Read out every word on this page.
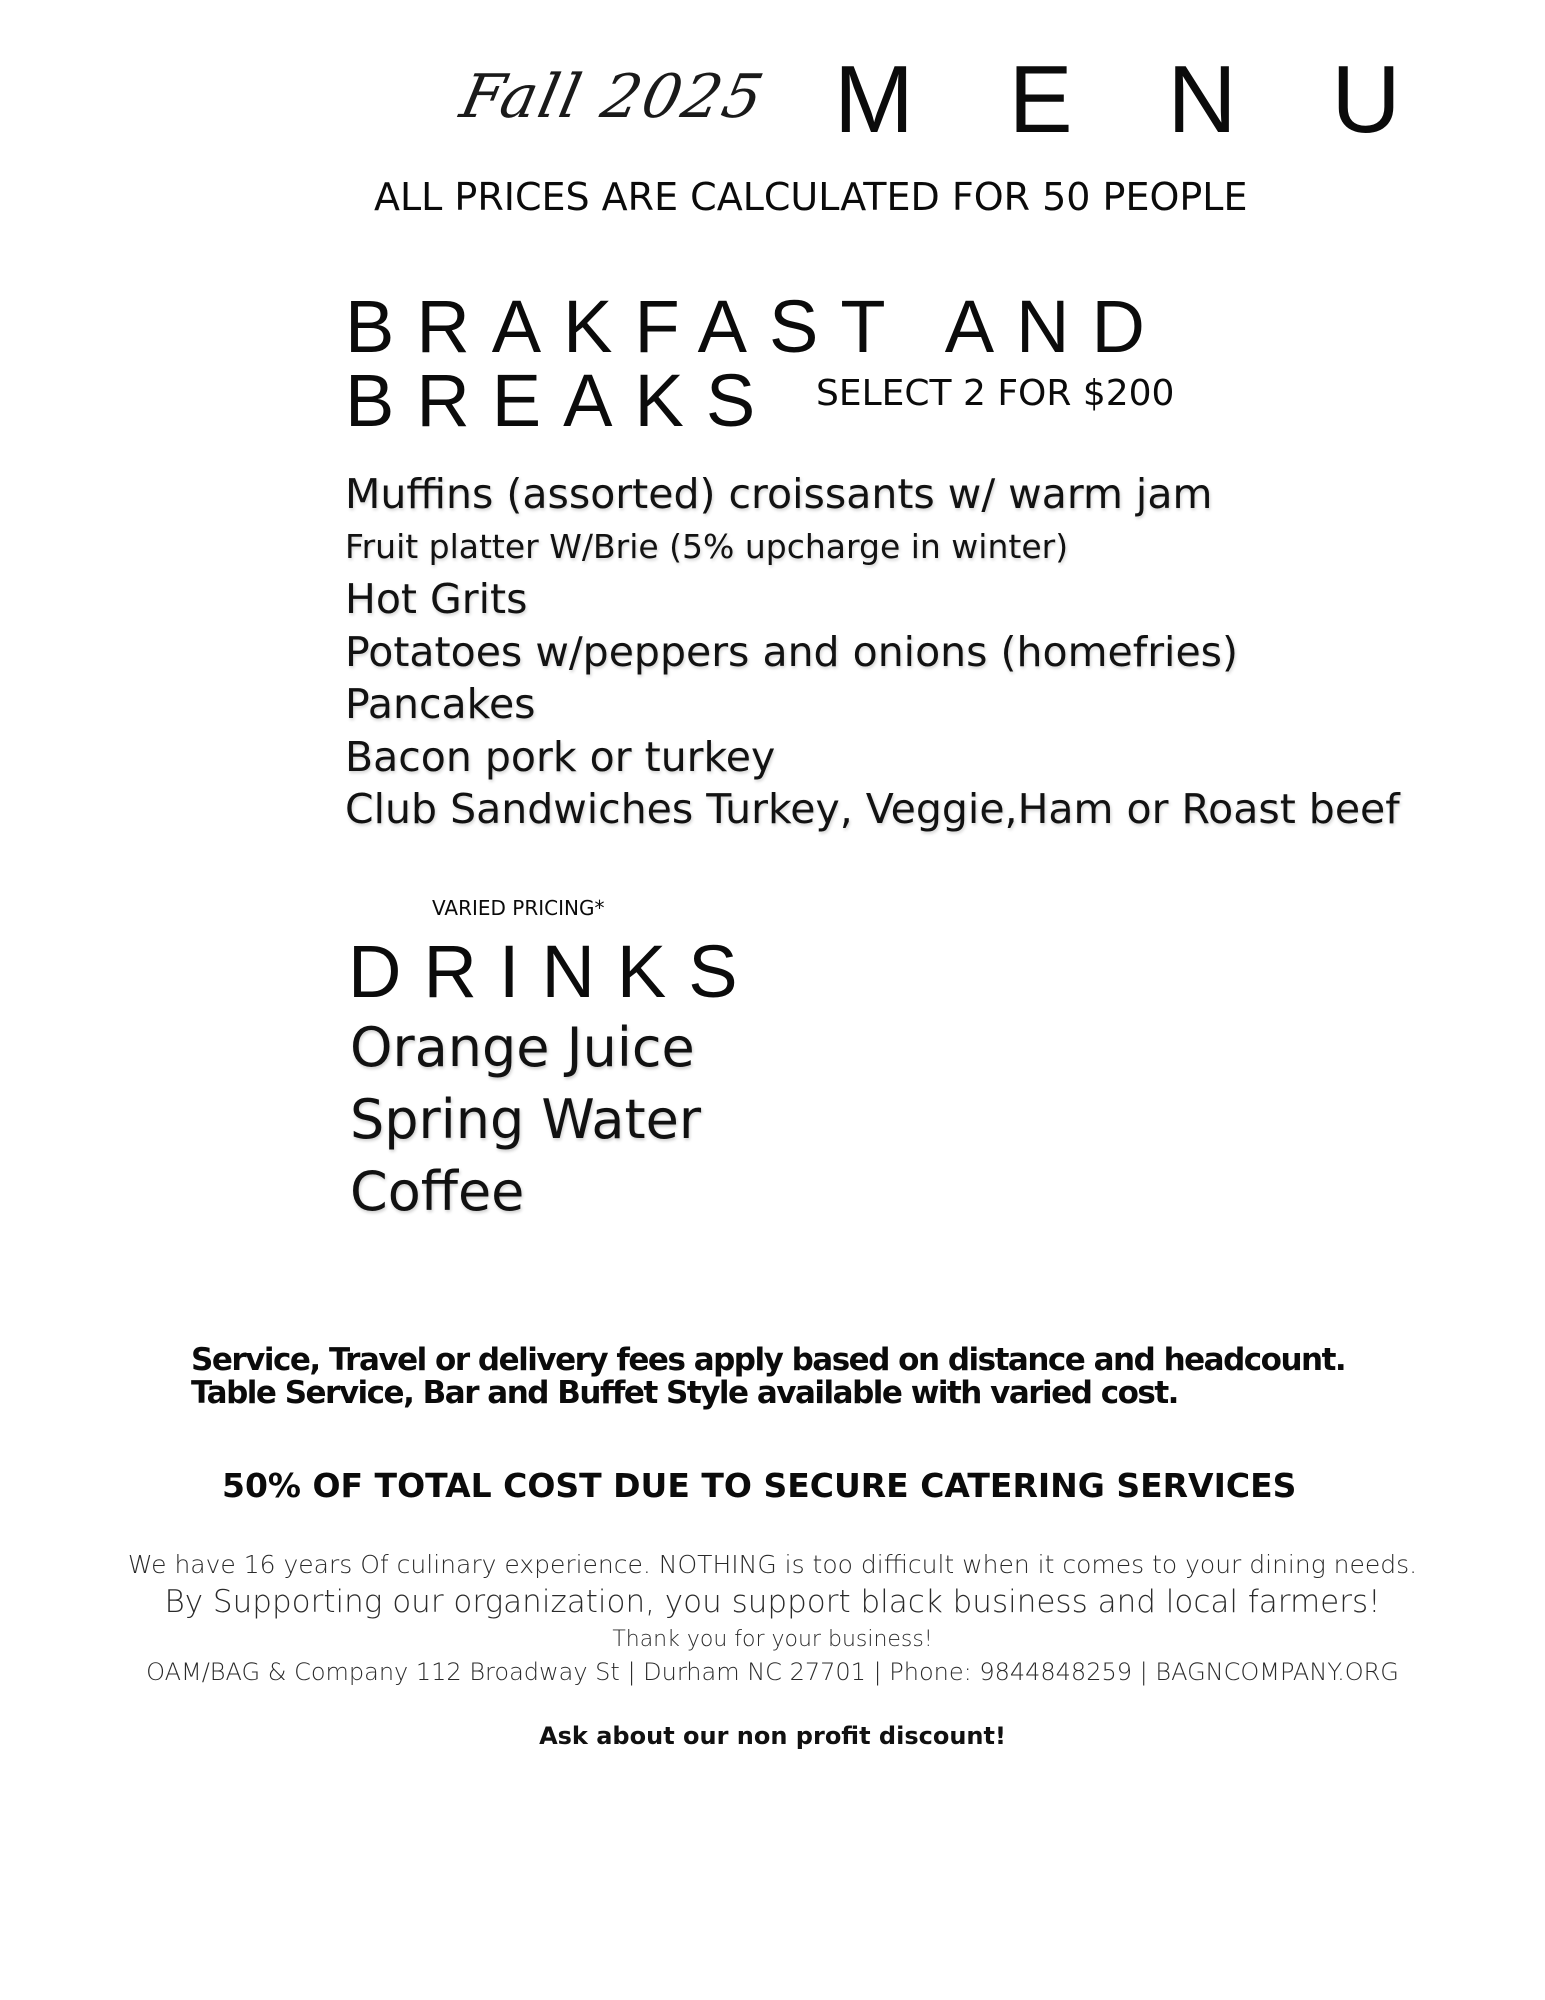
Fall 2025 M E N U
ALL PRICES ARE CALCULATED FOR 50 PEOPLE
BRAKFAST AND
BREAKS SELECT 2 FOR $200
Muffins (assorted) croissants w/ warm jam
Fruit platter W/Brie (5% upcharge in winter)
Hot Grits
Potatoes w/peppers and onions (homefries)
Pancakes
Bacon pork or turkey
Club Sandwiches Turkey, Veggie,Ham or Roast beef
VARIED PRICING*
DRINKS
Orange Juice
Spring Water
Coffee
Service, Travel or delivery fees apply based on distance and headcount.
Table Service, Bar and Buffet Style available with varied cost.
50% OF TOTAL COST DUE TO SECURE CATERING SERVICES
We have 16 years Of culinary experience. NOTHING is too difficult when it comes to your dining needs.
By Supporting our organization, you support black business and local farmers!
Thank you for your business!
OAM/BAG & Company 112 Broadway St | Durham NC 27701 | Phone: 9844848259 | BAGNCOMPANY.ORG
Ask about our non profit discount!
